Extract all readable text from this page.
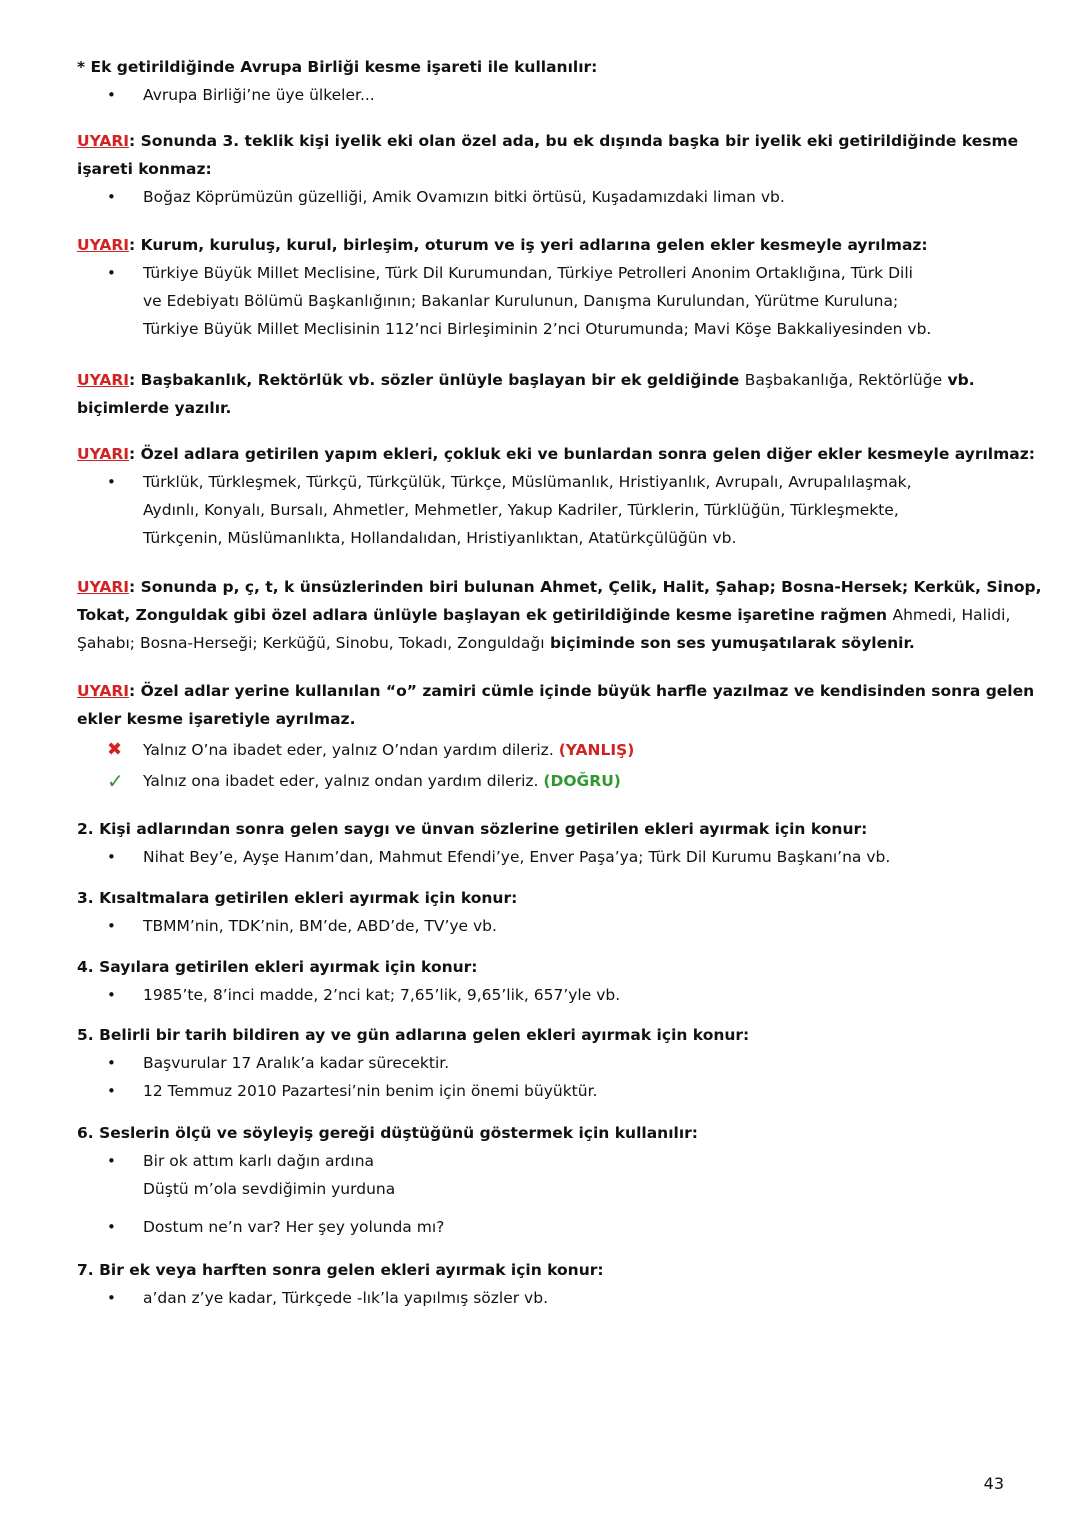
* Ek getirildiğinde Avrupa Birliği kesme işareti ile kullanılır:
•	Avrupa Birliği’ne üye ülkeler...
UYARI: Sonunda 3. teklik kişi iyelik eki olan özel ada, bu ek dışında başka bir iyelik eki getirildiğinde kesme
işareti konmaz:
•	Boğaz Köprümüzün güzelliği, Amik Ovamızın bitki örtüsü, Kuşadamızdaki liman vb.
UYARI: Kurum, kuruluş, kurul, birleşim, oturum ve iş yeri adlarına gelen ekler kesmeyle ayrılmaz:
•	Türkiye Büyük Millet Meclisine, Türk Dil Kurumundan, Türkiye Petrolleri Anonim Ortaklığına, Türk Dili
ve Edebiyatı Bölümü Başkanlığının; Bakanlar Kurulunun, Danışma Kurulundan, Yürütme Kuruluna;
Türkiye Büyük Millet Meclisinin 112’nci Birleşiminin 2’nci Oturumunda; Mavi Köşe Bakkaliyesinden vb.
UYARI: Başbakanlık, Rektörlük vb. sözler ünlüyle başlayan bir ek geldiğinde Başbakanlığa, Rektörlüğe vb.
biçimlerde yazılır.
UYARI: Özel adlara getirilen yapım ekleri, çokluk eki ve bunlardan sonra gelen diğer ekler kesmeyle ayrılmaz:
•	Türklük, Türkleşmek, Türkçü, Türkçülük, Türkçe, Müslümanlık, Hristiyanlık, Avrupalı, Avrupalılaşmak,
Aydınlı, Konyalı, Bursalı, Ahmetler, Mehmetler, Yakup Kadriler, Türklerin, Türklüğün, Türkleşmekte,
Türkçenin, Müslümanlıkta, Hollandalıdan, Hristiyanlıktan, Atatürkçülüğün vb.
UYARI: Sonunda p, ç, t, k ünsüzlerinden biri bulunan Ahmet, Çelik, Halit, Şahap; Bosna-Hersek; Kerkük, Sinop,
Tokat, Zonguldak gibi özel adlara ünlüyle başlayan ek getirildiğinde kesme işaretine rağmen Ahmedi, Halidi,
Şahabı; Bosna-Herseği; Kerküğü, Sinobu, Tokadı, Zonguldağı biçiminde son ses yumuşatılarak söylenir.
UYARI: Özel adlar yerine kullanılan “o” zamiri cümle içinde büyük harfle yazılmaz ve kendisinden sonra gelen
ekler kesme işaretiyle ayrılmaz.
✖ Yalnız O’na ibadet eder, yalnız O’ndan yardım dileriz. (YANLIŞ)
✓ Yalnız ona ibadet eder, yalnız ondan yardım dileriz. (DOĞRU)
2. Kişi adlarından sonra gelen saygı ve ünvan sözlerine getirilen ekleri ayırmak için konur:
•	Nihat Bey’e, Ayşe Hanım’dan, Mahmut Efendi’ye, Enver Paşa’ya; Türk Dil Kurumu Başkanı’na vb.
3. Kısaltmalara getirilen ekleri ayırmak için konur:
•	TBMM’nin, TDK’nin, BM’de, ABD’de, TV’ye vb.
4. Sayılara getirilen ekleri ayırmak için konur:
•	1985’te, 8’inci madde, 2’nci kat; 7,65’lik, 9,65’lik, 657’yle vb.
5. Belirli bir tarih bildiren ay ve gün adlarına gelen ekleri ayırmak için konur:
•	Başvurular 17 Aralık’a kadar sürecektir.
•	12 Temmuz 2010 Pazartesi’nin benim için önemi büyüktür.
6. Seslerin ölçü ve söyleyiş gereği düştüğünü göstermek için kullanılır:
•	Bir ok attım karlı dağın ardına
Düştü m’ola sevdiğimin yurduna
•	Dostum ne’n var? Her şey yolunda mı?
7. Bir ek veya harften sonra gelen ekleri ayırmak için konur:
•	a’dan z’ye kadar, Türkçede -lık’la yapılmış sözler vb.
43
